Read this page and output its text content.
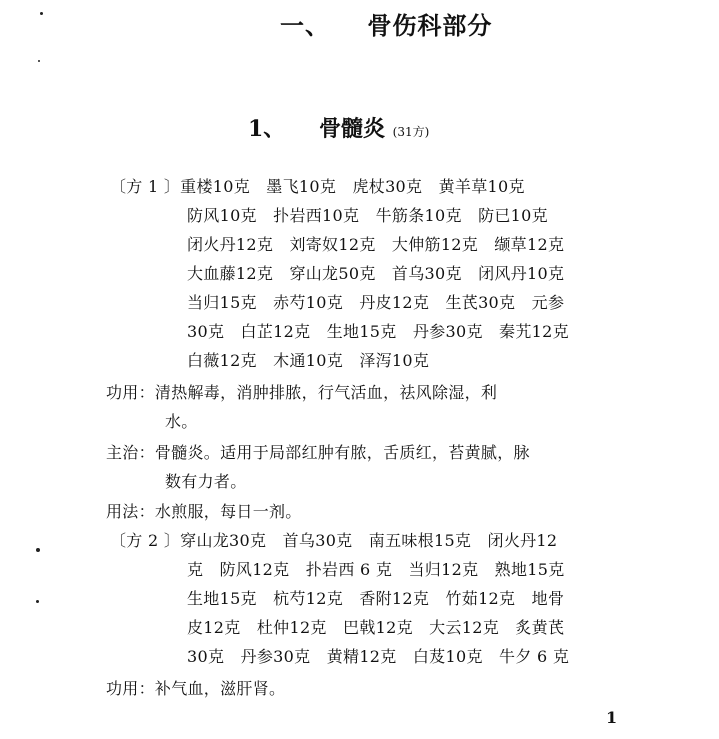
一、 骨伤科部分
1、 骨髓炎 (31方)
〔方 1 〕重楼10克　墨飞10克　虎杖30克　黄羊草10克
防风10克　扑岩西10克　牛筋条10克　防已10克
闭火丹12克　刘寄奴12克　大伸筋12克　缬草12克
大血藤12克　穿山龙50克　首乌30克　闭风丹10克
当归15克　赤芍10克　丹皮12克　生芪30克　元参
30克　白芷12克　生地15克　丹参30克　秦艽12克
白薇12克　木通10克　泽泻10克
功用：清热解毒，消肿排脓，行气活血，祛风除湿，利
水。
主治：骨髓炎。适用于局部红肿有脓，舌质红，苔黄腻，脉
数有力者。
用法：水煎服，每日一剂。
〔方 2 〕穿山龙30克　首乌30克　南五味根15克　闭火丹12
克　防风12克　扑岩西 6 克　当归12克　熟地15克
生地15克　杭芍12克　香附12克　竹茹12克　地骨
皮12克　杜仲12克　巴戟12克　大云12克　炙黄芪
30克　丹参30克　黄精12克　白芨10克　牛夕 6 克
功用：补气血，滋肝肾。
1
